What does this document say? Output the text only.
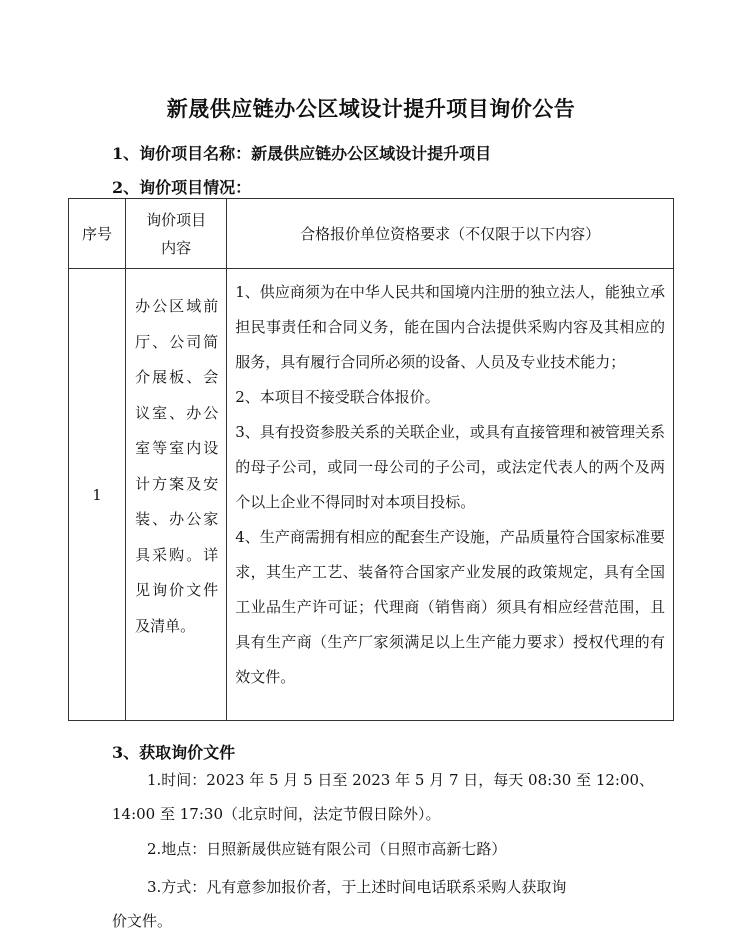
新晟供应链办公区域设计提升项目询价公告
1、询价项目名称：新晟供应链办公区域设计提升项目
2、询价项目情况：
序号	询价项目内容	合格报价单位资格要求（不仅限于以下内容）
1	办公区域前厅、公司简介展板、会议室、办公室等室内设计方案及安装、办公家具采购。详见询价文件及清单。	1、供应商须为在中华人民共和国境内注册的独立法人，能独立承担民事责任和合同义务，能在国内合法提供采购内容及其相应的服务，具有履行合同所必须的设备、人员及专业技术能力；

2、本项目不接受联合体报价。

3、具有投资参股关系的关联企业，或具有直接管理和被管理关系的母子公司，或同一母公司的子公司，或法定代表人的两个及两个以上企业不得同时对本项目投标。

4、生产商需拥有相应的配套生产设施，产品质量符合国家标准要求，其生产工艺、装备符合国家产业发展的政策规定，具有全国工业品生产许可证；代理商（销售商）须具有相应经营范围，且具有生产商（生产厂家须满足以上生产能力要求）授权代理的有效文件。

3、获取询价文件
1.时间：2023 年 5 月 5 日至 2023 年 5 月 7 日，每天 08:30 至 12:00、
14:00 至 17:30（北京时间，法定节假日除外）。
2.地点：日照新晟供应链有限公司（日照市高新七路）
3.方式：凡有意参加报价者，于上述时间电话联系采购人获取询
价文件。
